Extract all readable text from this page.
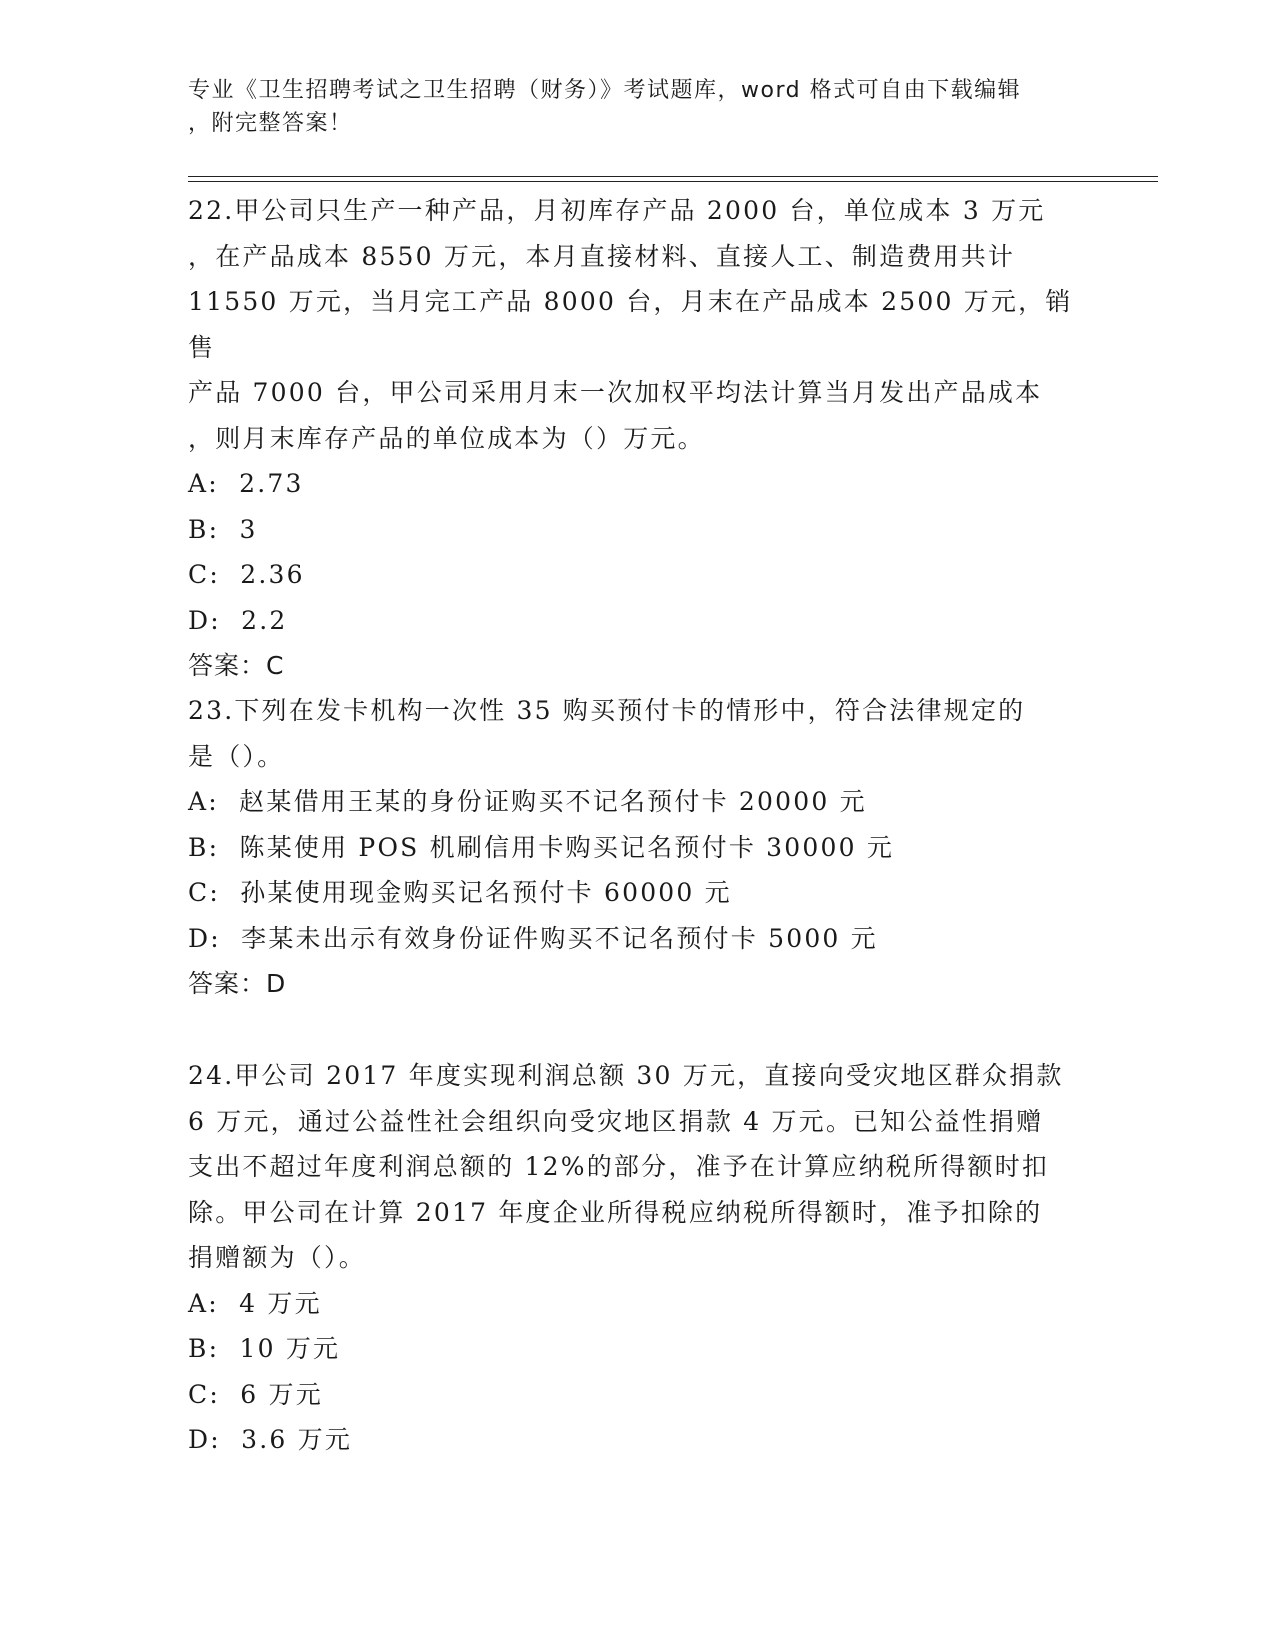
专业《卫生招聘考试之卫生招聘（财务）》考试题库，word 格式可自由下载编辑
，附完整答案！

22.甲公司只生产一种产品，月初库存产品 2000 台，单位成本 3 万元
，在产品成本 8550 万元，本月直接材料、直接人工、制造费用共计
11550 万元，当月完工产品 8000 台，月末在产品成本 2500 万元，销售
产品 7000 台，甲公司采用月末一次加权平均法计算当月发出产品成本
，则月末库存产品的单位成本为（）万元。

A:  2.73

B:  3

C:  2.36

D:  2.2

答案：C

23.下列在发卡机构一次性 35 购买预付卡的情形中，符合法律规定的
是（）。

A:  赵某借用王某的身份证购买不记名预付卡 20000 元

B:  陈某使用 POS 机刷信用卡购买记名预付卡 30000 元

C:  孙某使用现金购买记名预付卡 60000 元

D:  李某未出示有效身份证件购买不记名预付卡 5000 元

答案：D

24.甲公司 2017 年度实现利润总额 30 万元，直接向受灾地区群众捐款
6 万元，通过公益性社会组织向受灾地区捐款 4 万元。已知公益性捐赠
支出不超过年度利润总额的 12%的部分，准予在计算应纳税所得额时扣
除。甲公司在计算 2017 年度企业所得税应纳税所得额时，准予扣除的
捐赠额为（）。

A:  4 万元

B:  10 万元

C:  6 万元

D:  3.6 万元
